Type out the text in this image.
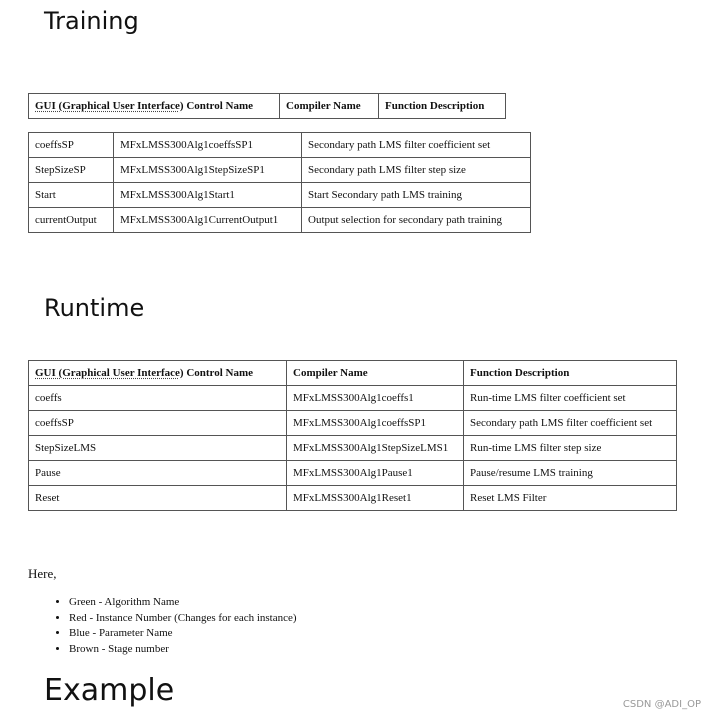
Training
GUI (Graphical User Interface) Control Name	Compiler Name	Function Description
coeffsSP	MFxLMSS300Alg1coeffsSP1	Secondary path LMS filter coefficient set
StepSizeSP	MFxLMSS300Alg1StepSizeSP1	Secondary path LMS filter step size
Start	MFxLMSS300Alg1Start1	Start Secondary path LMS training
currentOutput	MFxLMSS300Alg1CurrentOutput1	Output selection for secondary path training
Runtime
GUI (Graphical User Interface) Control Name	Compiler Name	Function Description
coeffs	MFxLMSS300Alg1coeffs1	Run-time LMS filter coefficient set
coeffsSP	MFxLMSS300Alg1coeffsSP1	Secondary path LMS filter coefficient set
StepSizeLMS	MFxLMSS300Alg1StepSizeLMS1	Run-time LMS filter step size
Pause	MFxLMSS300Alg1Pause1	Pause/resume LMS training
Reset	MFxLMSS300Alg1Reset1	Reset LMS Filter
Here,
• Green - Algorithm Name
• Red - Instance Number (Changes for each instance)
• Blue - Parameter Name
• Brown - Stage number
Example	CSDN @ADI_OP
